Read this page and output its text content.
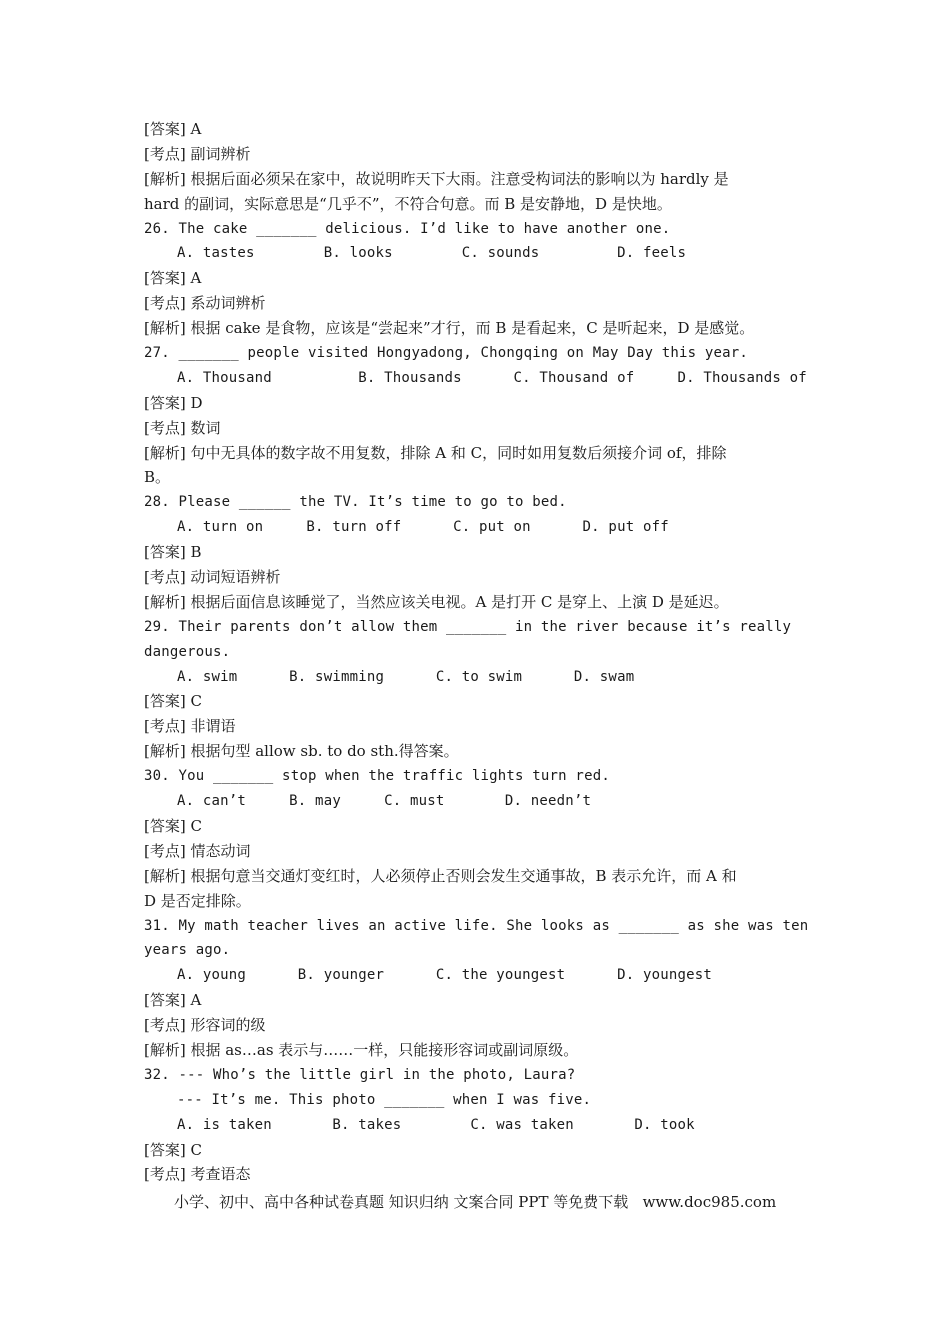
[答案] A
[考点] 副词辨析
[解析] 根据后面必须呆在家中，故说明昨天下大雨。注意受构词法的影响以为 hardly 是
hard 的副词，实际意思是“几乎不”，不符合句意。而 B 是安静地，D 是快地。
26. The cake _______ delicious. I’d like to have another one.
A. tastes        B. looks        C. sounds         D. feels
[答案] A
[考点] 系动词辨析
[解析] 根据 cake 是食物，应该是“尝起来”才行，而 B 是看起来，C 是听起来，D 是感觉。
27. _______ people visited Hongyadong, Chongqing on May Day this year.
A. Thousand          B. Thousands      C. Thousand of     D. Thousands of
[答案] D
[考点] 数词
[解析] 句中无具体的数字故不用复数，排除 A 和 C，同时如用复数后须接介词 of，排除
B。
28. Please ______ the TV. It’s time to go to bed.
A. turn on     B. turn off      C. put on      D. put off
[答案] B
[考点] 动词短语辨析
[解析] 根据后面信息该睡觉了，当然应该关电视。A 是打开 C 是穿上、上演 D 是延迟。
29. Their parents don’t allow them _______ in the river because it’s really
dangerous.
A. swim      B. swimming      C. to swim      D. swam
[答案] C
[考点] 非谓语
[解析] 根据句型 allow sb. to do sth.得答案。
30. You _______ stop when the traffic lights turn red.
A. can’t     B. may     C. must       D. needn’t
[答案] C
[考点] 情态动词
[解析] 根据句意当交通灯变红时，人必须停止否则会发生交通事故，B 表示允许，而 A 和
D 是否定排除。
31. My math teacher lives an active life. She looks as _______ as she was ten
years ago.
A. young      B. younger      C. the youngest      D. youngest
[答案] A
[考点] 形容词的级
[解析] 根据 as…as 表示与……一样，只能接形容词或副词原级。
32. --- Who’s the little girl in the photo, Laura?
--- It’s me. This photo _______ when I was five.
A. is taken       B. takes        C. was taken       D. took
[答案] C
[考点] 考查语态
小学、初中、高中各种试卷真题 知识归纳 文案合同 PPT 等免费下载   www.doc985.com
